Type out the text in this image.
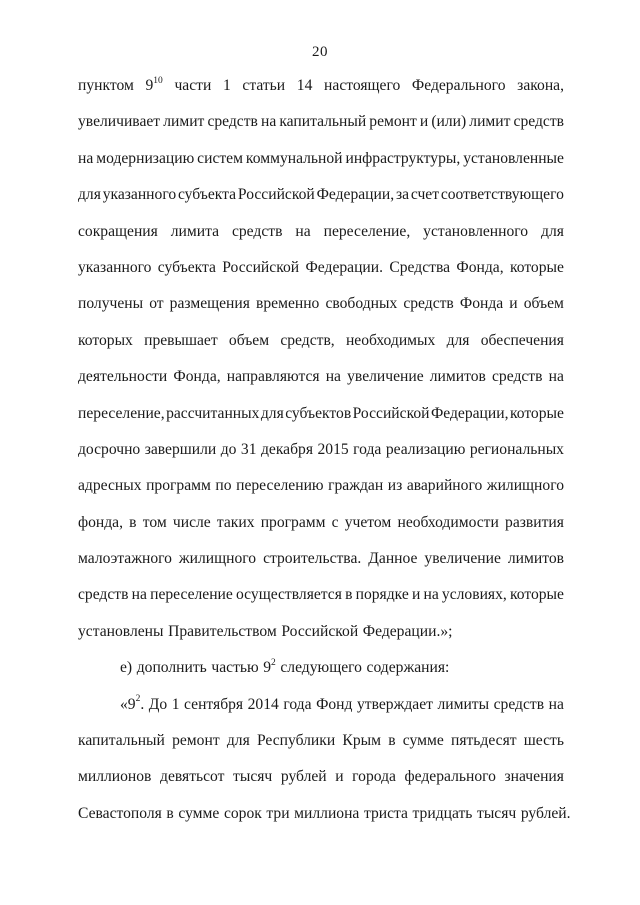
20
пунктом $9^{10}$ части 1 статьи 14 настоящего Федерального закона,
увеличивает лимит средств на капитальный ремонт и (или) лимит средств
на модернизацию систем коммунальной инфраструктуры, установленные
для указанного субъекта Российской Федерации, за счет соответствующего
сокращения лимита средств на переселение, установленного для
указанного субъекта Российской Федерации. Средства Фонда, которые
получены от размещения временно свободных средств Фонда и объем
которых превышает объем средств, необходимых для обеспечения
деятельности Фонда, направляются на увеличение лимитов средств на
переселение, рассчитанных для субъектов Российской Федерации, которые
досрочно завершили до 31 декабря 2015 года реализацию региональных
адресных программ по переселению граждан из аварийного жилищного
фонда, в том числе таких программ с учетом необходимости развития
малоэтажного жилищного строительства. Данное увеличение лимитов
средств на переселение осуществляется в порядке и на условиях, которые
установлены Правительством Российской Федерации.»;
е) дополнить частью $9^2$ следующего содержания:
«$9^2$. До 1 сентября 2014 года Фонд утверждает лимиты средств на
капитальный ремонт для Республики Крым в сумме пятьдесят шесть
миллионов девятьсот тысяч рублей и города федерального значения
Севастополя в сумме сорок три миллиона триста тридцать тысяч рублей.
